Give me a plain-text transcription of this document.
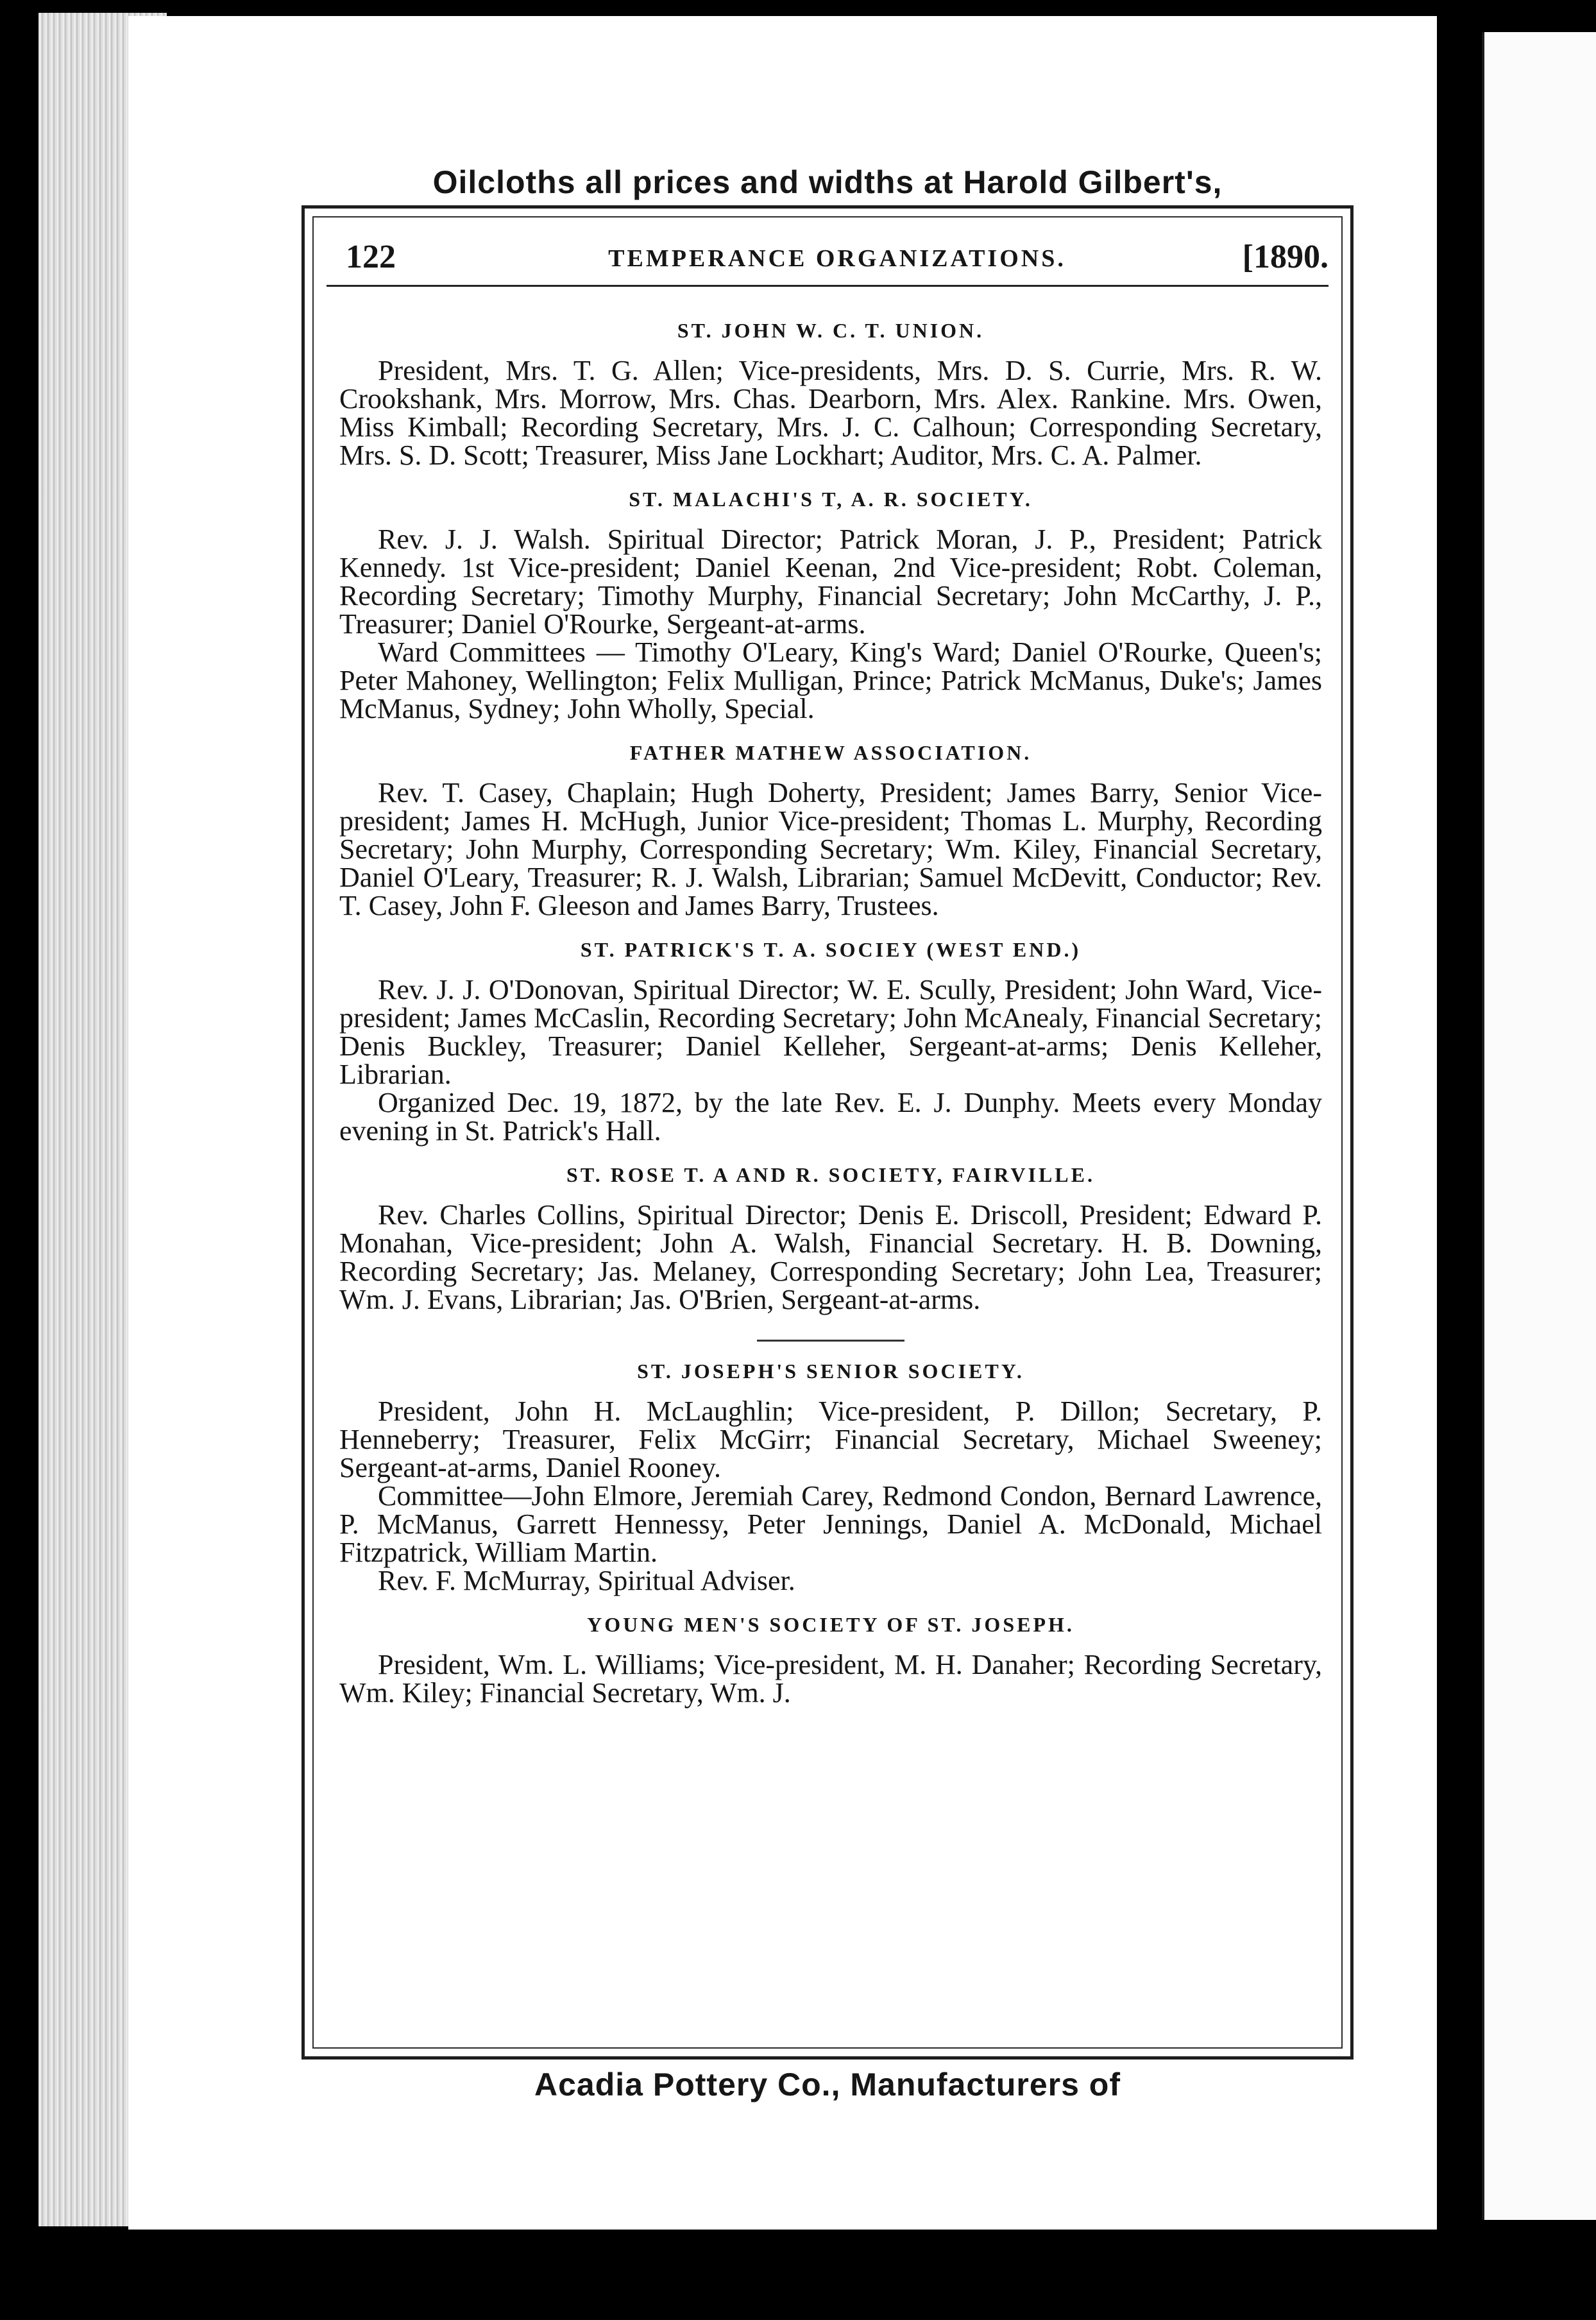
Oilcloths all prices and widths at Harold Gilbert's,
122	TEMPERANCE ORGANIZATIONS.	[1890.
ST. JOHN W. C. T. UNION.

President, Mrs. T. G. Allen; Vice-presidents, Mrs. D. S. Currie, Mrs. R. W. Crookshank, Mrs. Morrow, Mrs. Chas. Dearborn, Mrs. Alex. Rankine. Mrs. Owen, Miss Kimball; Recording Secretary, Mrs. J. C. Calhoun; Corresponding Secretary, Mrs. S. D. Scott; Treasurer, Miss Jane Lockhart; Auditor, Mrs. C. A. Palmer.

ST. MALACHI'S T, A. R. SOCIETY.

Rev. J. J. Walsh. Spiritual Director; Patrick Moran, J. P., President; Patrick Kennedy. 1st Vice-president; Daniel Keenan, 2nd Vice-president; Robt. Coleman, Recording Secretary; Timothy Murphy, Financial Secretary; John McCarthy, J. P., Treasurer; Daniel O'Rourke, Sergeant-at-arms.

Ward Committees — Timothy O'Leary, King's Ward; Daniel O'Rourke, Queen's; Peter Mahoney, Wellington; Felix Mulligan, Prince; Patrick McManus, Duke's; James McManus, Sydney; John Wholly, Special.

FATHER MATHEW ASSOCIATION.

Rev. T. Casey, Chaplain; Hugh Doherty, President; James Barry, Senior Vice-president; James H. McHugh, Junior Vice-president; Thomas L. Murphy, Recording Secretary; John Murphy, Corresponding Secretary; Wm. Kiley, Financial Secretary, Daniel O'Leary, Treasurer; R. J. Walsh, Librarian; Samuel McDevitt, Conductor; Rev. T. Casey, John F. Gleeson and James Barry, Trustees.

ST. PATRICK'S T. A. SOCIEY (WEST END.)

Rev. J. J. O'Donovan, Spiritual Director; W. E. Scully, President; John Ward, Vice-president; James McCaslin, Recording Secretary; John McAnealy, Financial Secretary; Denis Buckley, Treasurer; Daniel Kelleher, Sergeant-at-arms; Denis Kelleher, Librarian.

Organized Dec. 19, 1872, by the late Rev. E. J. Dunphy. Meets every Monday evening in St. Patrick's Hall.

ST. ROSE T. A AND R. SOCIETY, FAIRVILLE.

Rev. Charles Collins, Spiritual Director; Denis E. Driscoll, President; Edward P. Monahan, Vice-president; John A. Walsh, Financial Secretary. H. B. Downing, Recording Secretary; Jas. Melaney, Corresponding Secretary; John Lea, Treasurer; Wm. J. Evans, Librarian; Jas. O'Brien, Sergeant-at-arms.

ST. JOSEPH'S SENIOR SOCIETY.

President, John H. McLaughlin; Vice-president, P. Dillon; Secretary, P. Henneberry; Treasurer, Felix McGirr; Financial Secretary, Michael Sweeney; Sergeant-at-arms, Daniel Rooney.

Committee—John Elmore, Jeremiah Carey, Redmond Condon, Bernard Lawrence, P. McManus, Garrett Hennessy, Peter Jennings, Daniel A. McDonald, Michael Fitzpatrick, William Martin.

Rev. F. McMurray, Spiritual Adviser.

YOUNG MEN'S SOCIETY OF ST. JOSEPH.

President, Wm. L. Williams; Vice-president, M. H. Danaher; Recording Secretary, Wm. Kiley; Financial Secretary, Wm. J.

Acadia Pottery Co., Manufacturers of
